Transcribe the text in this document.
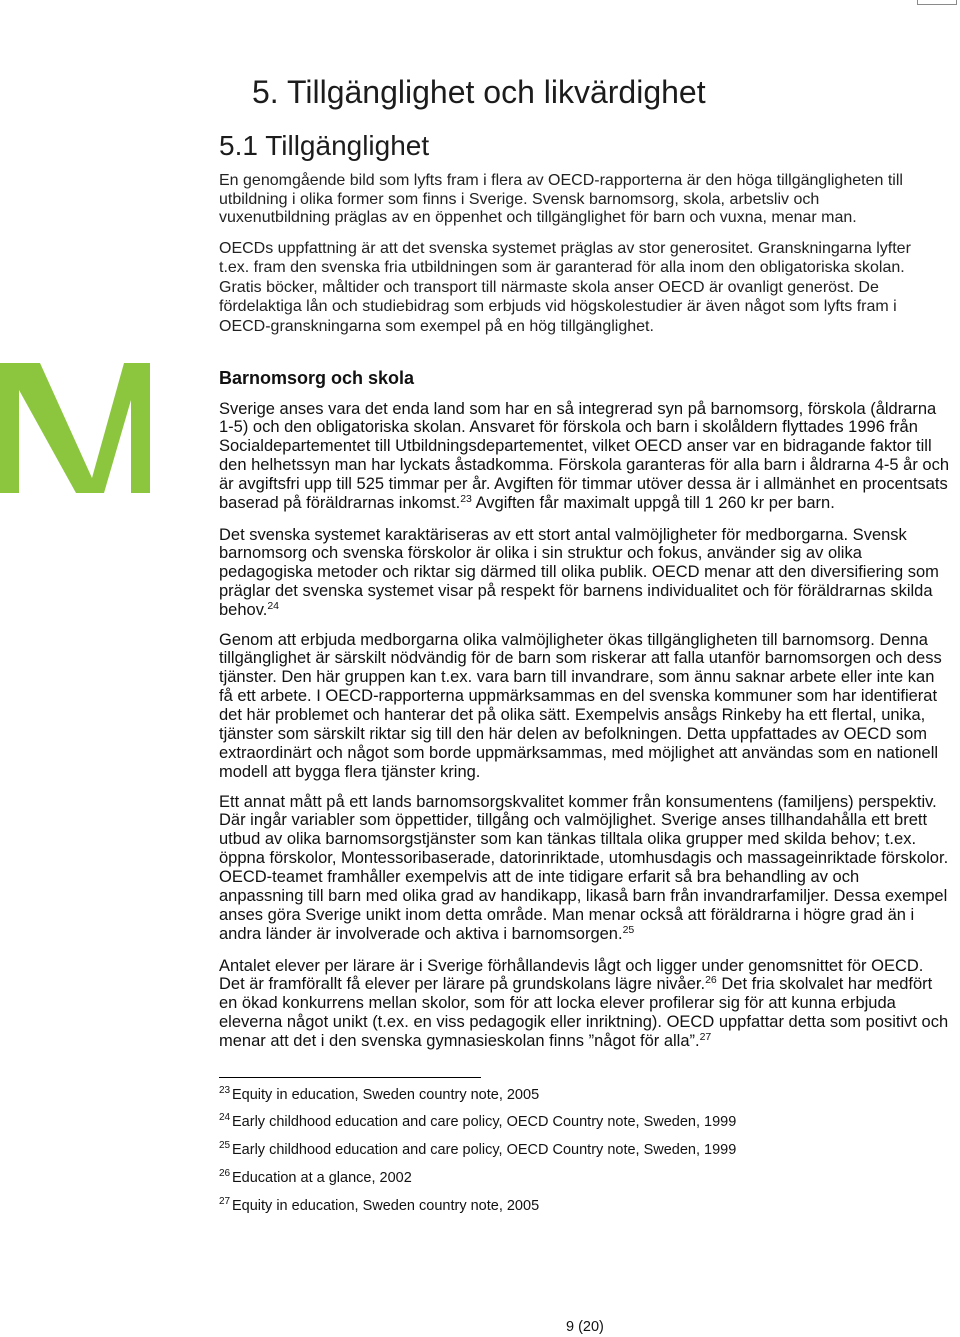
5. Tillgänglighet och likvärdighet
5.1 Tillgänglighet
En genomgående bild som lyfts fram i flera av OECD-rapporterna är den höga tillgängligheten till
utbildning i olika former som finns i Sverige. Svensk barnomsorg, skola, arbetsliv och
vuxenutbildning präglas av en öppenhet och tillgänglighet för barn och vuxna, menar man.
OECDs uppfattning är att det svenska systemet präglas av stor generositet. Granskningarna lyfter
t.ex. fram den svenska fria utbildningen som är garanterad för alla inom den obligatoriska skolan.
Gratis böcker, måltider och transport till närmaste skola anser OECD är ovanligt generöst. De
fördelaktiga lån och studiebidrag som erbjuds vid högskolestudier är även något som lyfts fram i
OECD-granskningarna som exempel på en hög tillgänglighet.
Barnomsorg och skola
Sverige anses vara det enda land som har en så integrerad syn på barnomsorg, förskola (åldrarna
1-5) och den obligatoriska skolan. Ansvaret för förskola och barn i skolåldern flyttades 1996 från
Socialdepartementet till Utbildningsdepartementet, vilket OECD anser var en bidragande faktor till
den helhetssyn man har lyckats åstadkomma. Förskola garanteras för alla barn i åldrarna 4-5 år och
är avgiftsfri upp till 525 timmar per år. Avgiften för timmar utöver dessa är i allmänhet en procentsats
baserad på föräldrarnas inkomst.$^{23}$ Avgiften får maximalt uppgå till 1 260 kr per barn.
Det svenska systemet karaktäriseras av ett stort antal valmöjligheter för medborgarna. Svensk
barnomsorg och svenska förskolor är olika i sin struktur och fokus, använder sig av olika
pedagogiska metoder och riktar sig därmed till olika publik. OECD menar att den diversifiering som
präglar det svenska systemet visar på respekt för barnens individualitet och för föräldrarnas skilda
behov.$^{24}$
Genom att erbjuda medborgarna olika valmöjligheter ökas tillgängligheten till barnomsorg. Denna
tillgänglighet är särskilt nödvändig för de barn som riskerar att falla utanför barnomsorgen och dess
tjänster. Den här gruppen kan t.ex. vara barn till invandrare, som ännu saknar arbete eller inte kan
få ett arbete. I OECD-rapporterna uppmärksammas en del svenska kommuner som har identifierat
det här problemet och hanterar det på olika sätt. Exempelvis ansågs Rinkeby ha ett flertal, unika,
tjänster som särskilt riktar sig till den här delen av befolkningen. Detta uppfattades av OECD som
extraordinärt och något som borde uppmärksammas, med möjlighet att användas som en nationell
modell att bygga flera tjänster kring.
Ett annat mått på ett lands barnomsorgskvalitet kommer från konsumentens (familjens) perspektiv.
Där ingår variabler som öppettider, tillgång och valmöjlighet. Sverige anses tillhandahålla ett brett
utbud av olika barnomsorgstjänster som kan tänkas tilltala olika grupper med skilda behov; t.ex.
öppna förskolor, Montessoribaserade, datorinriktade, utomhusdagis och massageinriktade förskolor.
OECD-teamet framhåller exempelvis att de inte tidigare erfarit så bra behandling av och
anpassning till barn med olika grad av handikapp, likaså barn från invandrarfamiljer. Dessa exempel
anses göra Sverige unikt inom detta område. Man menar också att föräldrarna i högre grad än i
andra länder är involverade och aktiva i barnomsorgen.$^{25}$
Antalet elever per lärare är i Sverige förhållandevis lågt och ligger under genomsnittet för OECD.
Det är framförallt få elever per lärare på grundskolans lägre nivåer.$^{26}$ Det fria skolvalet har medfört
en ökad konkurrens mellan skolor, som för att locka elever profilerar sig för att kunna erbjuda
eleverna något unikt (t.ex. en viss pedagogik eller inriktning). OECD uppfattar detta som positivt och
menar att det i den svenska gymnasieskolan finns ”något för alla”.$^{27}$
23 Equity in education, Sweden country note, 2005
24 Early childhood education and care policy, OECD Country note, Sweden, 1999
25 Early childhood education and care policy, OECD Country note, Sweden, 1999
26 Education at a glance, 2002
27 Equity in education, Sweden country note, 2005
9 (20)
